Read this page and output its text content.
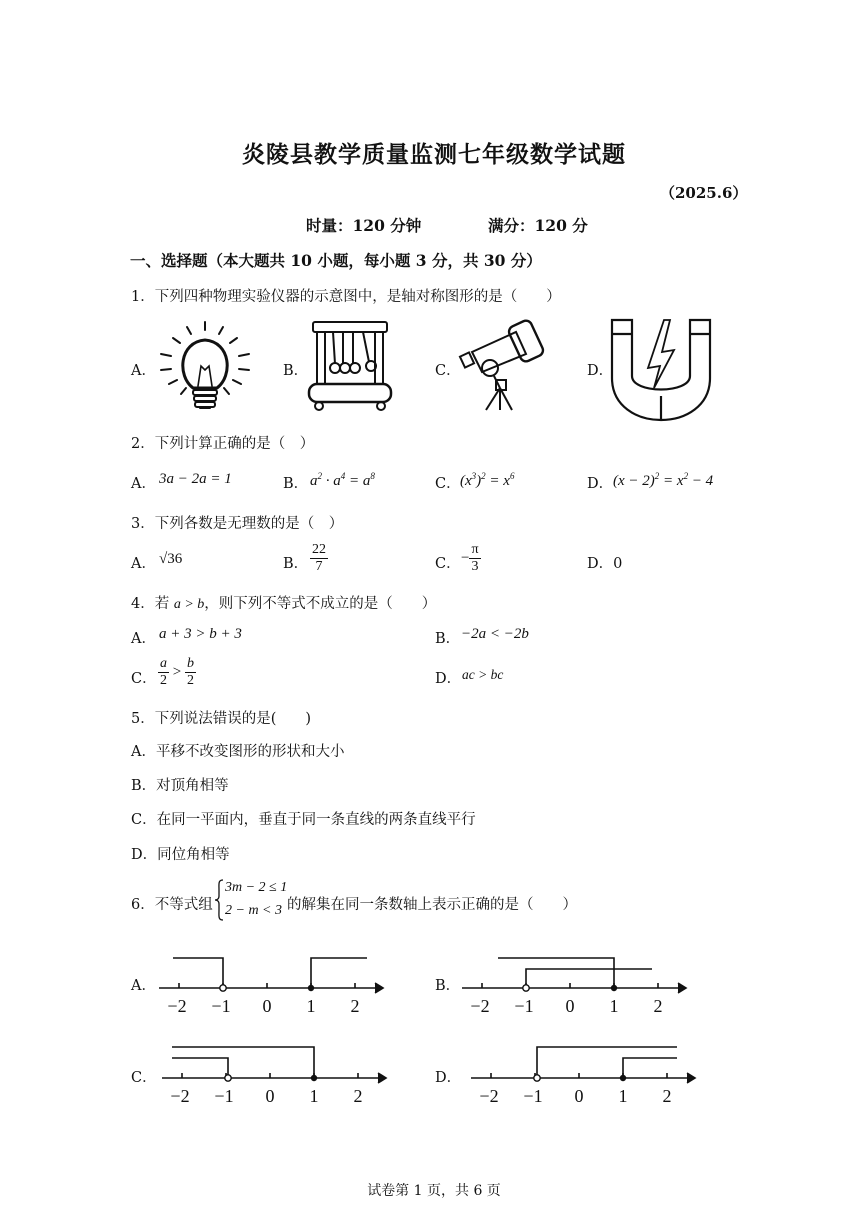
炎陵县教学质量监测七年级数学试题
（2025.6）
时量：120 分钟	满分：120 分
一、选择题（本大题共 10 小题，每小题 3 分，共 30 分）
1．下列四种物理实验仪器的示意图中，是轴对称图形的是（　　）
A．	B．	C．	D．
2．下列计算正确的是（　）
A． 3a − 2a = 1	B． $a^2 \cdot a^4 = a^8$	C． $(x^3)^2 = x^6$	D． $(x - 2)^2 = x^2 - 4$
3．下列各数是无理数的是（　）
A． √36	B． $\frac{22}{7}$	C． − $\frac{\pi}{3}$	D．0
4．若 a > b，则下列不等式不成立的是（　　）
A． a + 3 > b + 3	B． −2a < −2b
C． $\frac{a}{2} > \frac{b}{2}$	D． ac > bc
5．下列说法错误的是(　　)
A．平移不改变图形的形状和大小
B．对顶角相等
C．在同一平面内，垂直于同一条直线的两条直线平行
D．同位角相等
6．不等式组
3m − 2 ≤ 1
2 − m < 3 的解集在同一条数轴上表示正确的是（　　）
A．	B．
C．	D．
−2 −1 0 1 2	−2 −1 0 1 2
−2 −1 0 1 2	−2 −1 0 1 2
试卷第 1 页，共 6 页
